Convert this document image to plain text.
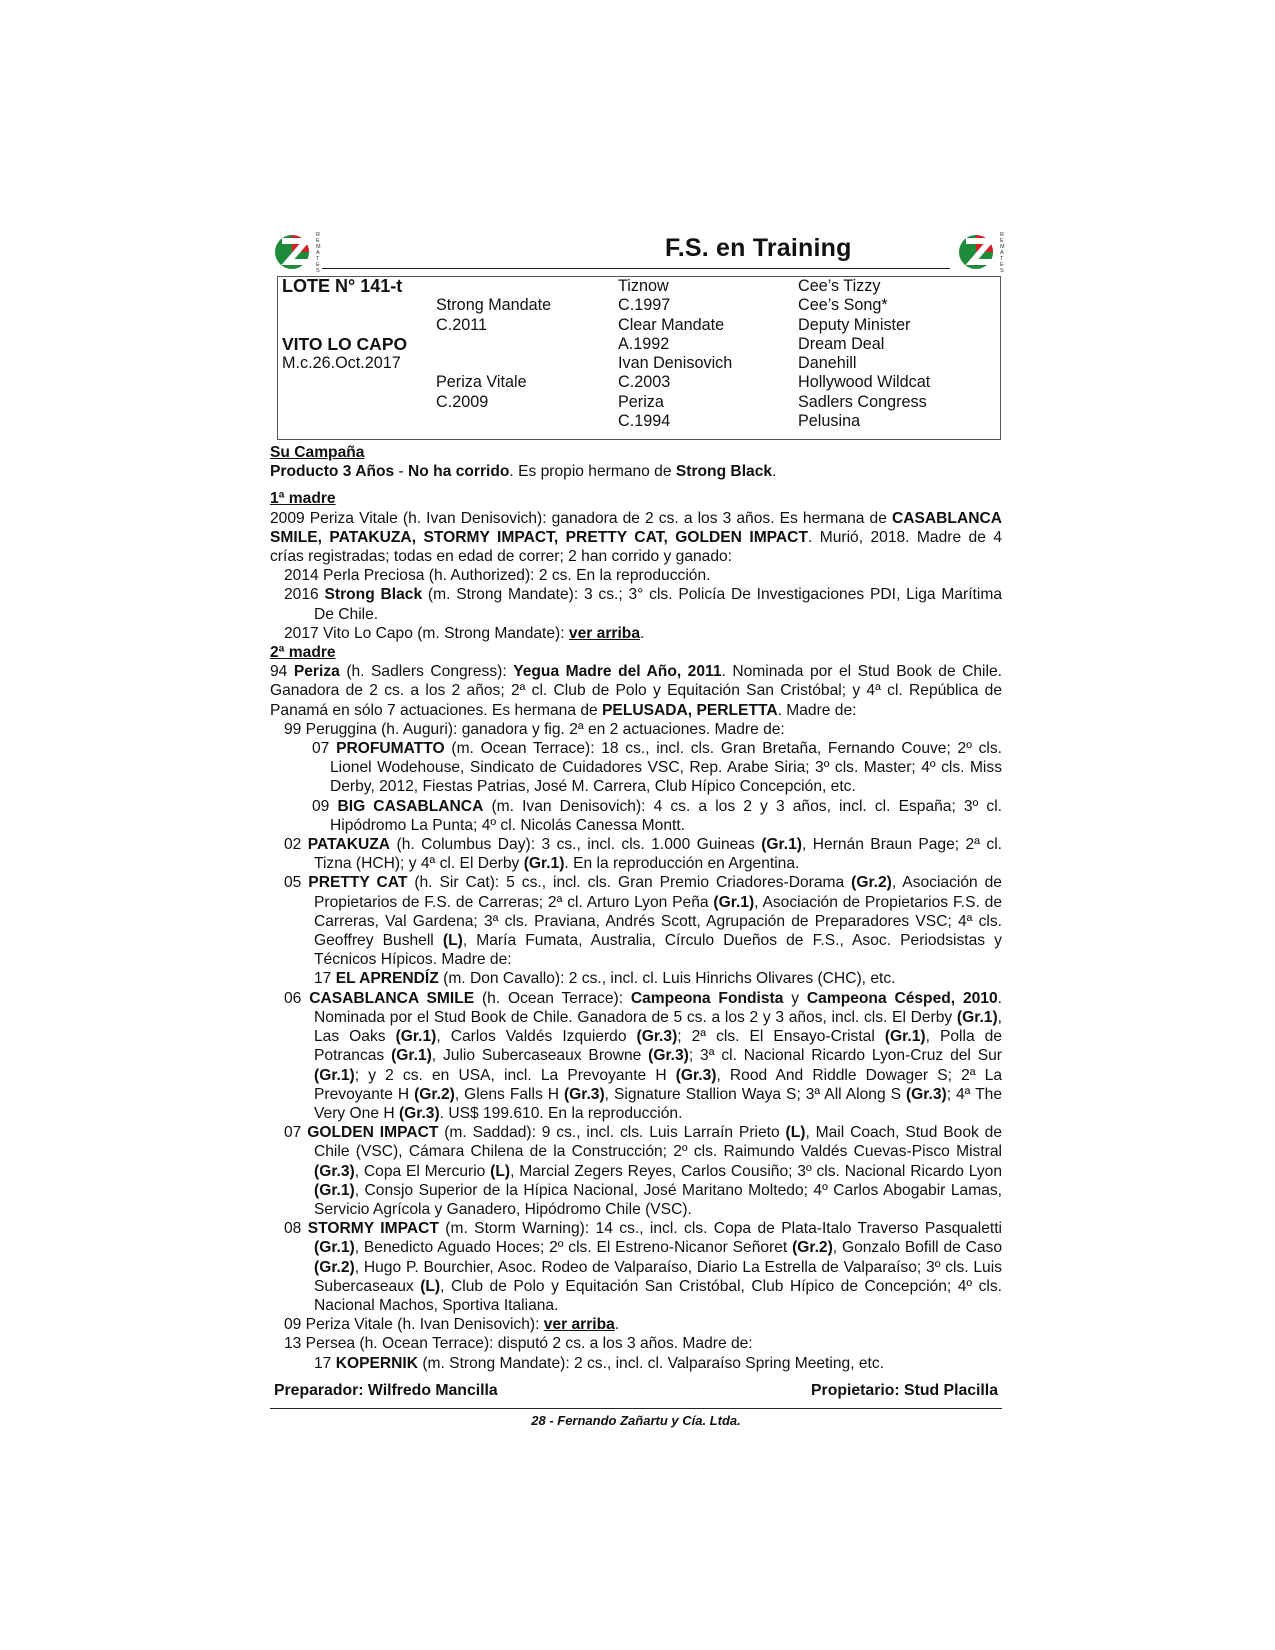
R E M A T E S
F.S. en Training	R E M A T E S
LOTE N° 141-t
VITO LO CAPO
M.c.26.Oct.2017
Strong Mandate
C.2011
Periza Vitale
C.2009
Tiznow
C.1997
Clear Mandate
A.1992
Ivan Denisovich
C.2003
Periza
C.1994
Cee’s Tizzy
Cee’s Song*
Deputy Minister
Dream Deal
Danehill
Hollywood Wildcat
Sadlers Congress
Pelusina

Su Campaña

Producto 3 Años - No ha corrido. Es propio hermano de Strong Black.

1ª madre

2009 Periza Vitale (h. Ivan Denisovich): ganadora de 2 cs. a los 3 años. Es hermana de CASABLANCA SMILE, PATAKUZA, STORMY IMPACT, PRETTY CAT, GOLDEN IMPACT. Murió, 2018. Madre de 4 crías registradas; todas en edad de correr; 2 han corrido y ganado:

2014 Perla Preciosa (h. Authorized): 2 cs. En la reproducción.

2016 Strong Black (m. Strong Mandate): 3 cs.; 3° cls. Policía De Investigaciones PDI, Liga Marítima De Chile.

2017 Vito Lo Capo (m. Strong Mandate): ver arriba.

2ª madre

94 Periza (h. Sadlers Congress): Yegua Madre del Año, 2011. Nominada por el Stud Book de Chile. Ganadora de 2 cs. a los 2 años; 2ª cl. Club de Polo y Equitación San Cristóbal; y 4ª cl. República de Panamá en sólo 7 actuaciones. Es hermana de PELUSADA, PERLETTA. Madre de:

99 Peruggina (h. Auguri): ganadora y fig. 2ª en 2 actuaciones. Madre de:

07 PROFUMATTO (m. Ocean Terrace): 18 cs., incl. cls. Gran Bretaña, Fernando Couve; 2º cls. Lionel Wodehouse, Sindicato de Cuidadores VSC, Rep. Arabe Siria; 3º cls. Master; 4º cls. Miss Derby, 2012, Fiestas Patrias, José M. Carrera, Club Hípico Concepción, etc.

09 BIG CASABLANCA (m. Ivan Denisovich): 4 cs. a los 2 y 3 años, incl. cl. España; 3º cl. Hipódromo La Punta; 4º cl. Nicolás Canessa Montt.

02 PATAKUZA (h. Columbus Day): 3 cs., incl. cls. 1.000 Guineas (Gr.1), Hernán Braun Page; 2ª cl. Tizna (HCH); y 4ª cl. El Derby (Gr.1). En la reproducción en Argentina.

05 PRETTY CAT (h. Sir Cat): 5 cs., incl. cls. Gran Premio Criadores-Dorama (Gr.2), Asociación de Propietarios de F.S. de Carreras; 2ª cl. Arturo Lyon Peña (Gr.1), Asociación de Propietarios F.S. de Carreras, Val Gardena; 3ª cls. Praviana, Andrés Scott, Agrupación de Preparadores VSC; 4ª cls. Geoffrey Bushell (L), María Fumata, Australia, Círculo Dueños de F.S., Asoc. Periodsistas y Técnicos Hípicos. Madre de:

17 EL APRENDÍZ (m. Don Cavallo): 2 cs., incl. cl. Luis Hinrichs Olivares (CHC), etc.

06 CASABLANCA SMILE (h. Ocean Terrace): Campeona Fondista y Campeona Césped, 2010. Nominada por el Stud Book de Chile. Ganadora de 5 cs. a los 2 y 3 años, incl. cls. El Derby (Gr.1), Las Oaks (Gr.1), Carlos Valdés Izquierdo (Gr.3); 2ª cls. El Ensayo-Cristal (Gr.1), Polla de Potrancas (Gr.1), Julio Subercaseaux Browne (Gr.3); 3ª cl. Nacional Ricardo Lyon-Cruz del Sur (Gr.1); y 2 cs. en USA, incl. La Prevoyante H (Gr.3), Rood And Riddle Dowager S; 2ª La Prevoyante H (Gr.2), Glens Falls H (Gr.3), Signature Stallion Waya S; 3ª All Along S (Gr.3); 4ª The Very One H (Gr.3). US$ 199.610. En la reproducción.

07 GOLDEN IMPACT (m. Saddad): 9 cs., incl. cls. Luis Larraín Prieto (L), Mail Coach, Stud Book de Chile (VSC), Cámara Chilena de la Construcción; 2º cls. Raimundo Valdés Cuevas-Pisco Mistral (Gr.3), Copa El Mercurio (L), Marcial Zegers Reyes, Carlos Cousiño; 3º cls. Nacional Ricardo Lyon (Gr.1), Consjo Superior de la Hípica Nacional, José Maritano Moltedo; 4º Carlos Abogabir Lamas, Servicio Agrícola y Ganadero, Hipódromo Chile (VSC).

08 STORMY IMPACT (m. Storm Warning): 14 cs., incl. cls. Copa de Plata-Italo Traverso Pasqualetti (Gr.1), Benedicto Aguado Hoces; 2º cls. El Estreno-Nicanor Señoret (Gr.2), Gonzalo Bofill de Caso (Gr.2), Hugo P. Bourchier, Asoc. Rodeo de Valparaíso, Diario La Estrella de Valparaíso; 3º cls. Luis Subercaseaux (L), Club de Polo y Equitación San Cristóbal, Club Hípico de Concepción; 4º cls. Nacional Machos, Sportiva Italiana.

09 Periza Vitale (h. Ivan Denisovich): ver arriba.

13 Persea (h. Ocean Terrace): disputó 2 cs. a los 3 años. Madre de:

17 KOPERNIK (m. Strong Mandate): 2 cs., incl. cl. Valparaíso Spring Meeting, etc.

Preparador: Wilfredo Mancilla	Propietario: Stud Placilla
28 - Fernando Zañartu y Cía. Ltda.
